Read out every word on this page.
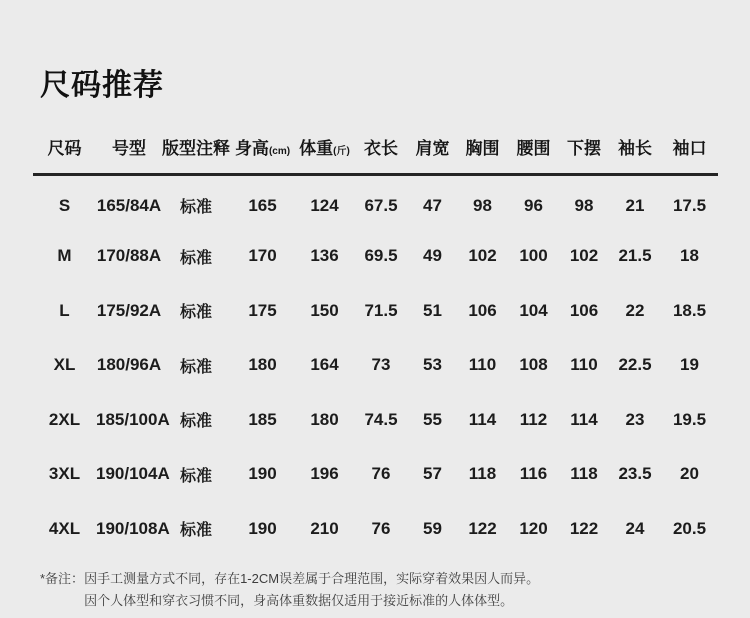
尺码推荐
尺码	号型	版型注释	身高(cm)	体重(斤)	衣长	肩宽	胸围	腰围	下摆	袖长	袖口
S	165/84A	标准	165	124	67.5	47	98	96	98	21	17.5
M	170/88A	标准	170	136	69.5	49	102	100	102	21.5	18
L	175/92A	标准	175	150	71.5	51	106	104	106	22	18.5
XL	180/96A	标准	180	164	73	53	110	108	110	22.5	19
2XL	185/100A	标准	185	180	74.5	55	114	112	114	23	19.5
3XL	190/104A	标准	190	196	76	57	118	116	118	23.5	20
4XL	190/108A	标准	190	210	76	59	122	120	122	24	20.5
*备注： 因手工测量方式不同，存在1-2CM误差属于合理范围，实际穿着效果因人而异。
因个人体型和穿衣习惯不同，身高体重数据仅适用于接近标准的人体体型。
